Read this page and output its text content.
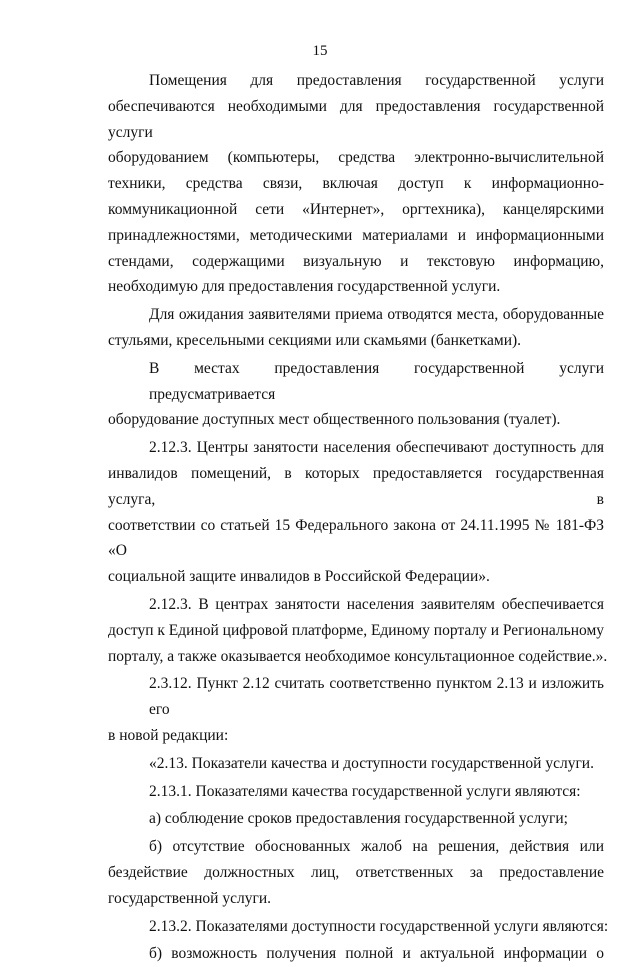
15
Помещения для предоставления государственной услуги
обеспечиваются необходимыми для предоставления государственной услуги
оборудованием (компьютеры, средства электронно-вычислительной
техники, средства связи, включая доступ к информационно-
коммуникационной сети «Интернет», оргтехника), канцелярскими
принадлежностями, методическими материалами и информационными
стендами, содержащими визуальную и текстовую информацию,
необходимую для предоставления государственной услуги.
Для ожидания заявителями приема отводятся места, оборудованные
стульями, кресельными секциями или скамьями (банкетками).
В местах предоставления государственной услуги предусматривается
оборудование доступных мест общественного пользования (туалет).
2.12.3. Центры занятости населения обеспечивают доступность для
инвалидов помещений, в которых предоставляется государственная услуга, в
соответствии со статьей 15 Федерального закона от 24.11.1995 № 181-ФЗ «О
социальной защите инвалидов в Российской Федерации».
2.12.3. В центрах занятости населения заявителям обеспечивается
доступ к Единой цифровой платформе, Единому порталу и Региональному
порталу, а также оказывается необходимое консультационное содействие.».
2.3.12. Пункт 2.12 считать соответственно пунктом 2.13 и изложить его
в новой редакции:
«2.13. Показатели качества и доступности государственной услуги.
2.13.1. Показателями качества государственной услуги являются:
а) соблюдение сроков предоставления государственной услуги;
б) отсутствие обоснованных жалоб на решения, действия или
бездействие должностных лиц, ответственных за предоставление
государственной услуги.
2.13.2. Показателями доступности государственной услуги являются:
б) возможность получения полной и актуальной информации о
